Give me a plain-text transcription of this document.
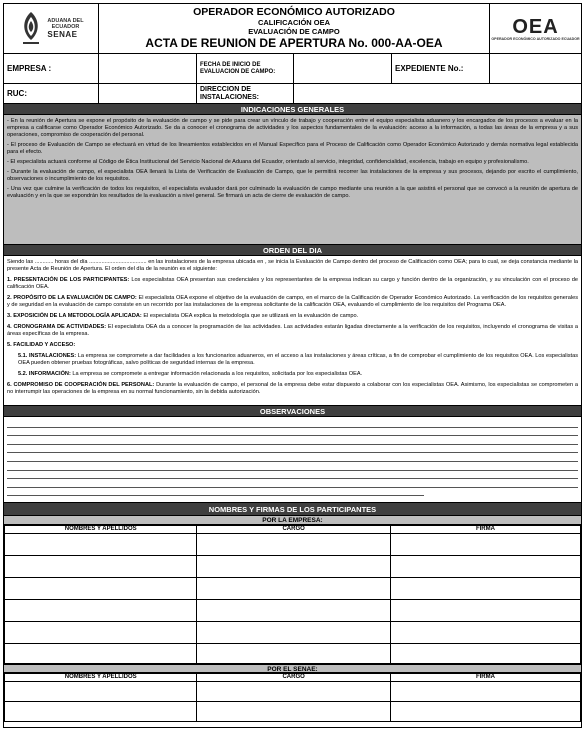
ADUANA DEL
ECUADOR
SENAE
OPERADOR ECONÓMICO AUTORIZADO
CALIFICACIÓN OEA
EVALUACIÓN DE CAMPO
ACTA DE REUNION DE APERTURA No. 000-AA-OEA
OEA
OPERADOR ECONÓMICO AUTORIZADO ECUADOR
EMPRESA :	FECHA DE INICIO DE EVALUACION DE CAMPO:	EXPEDIENTE No.:
RUC:	DIRECCION DE INSTALACIONES:
INDICACIONES GENERALES

- En la reunión de Apertura se expone el propósito de la evaluación de campo y se pide para crear un vínculo de trabajo y cooperación entre el equipo especialista aduanero y los encargados de los procesos a evaluar en la empresa a calificarse como Operador Económico Autorizado. Se da a conocer el cronograma de actividades y los aspectos fundamentales de la evaluación: acceso a la información, a todas las áreas de la empresa y a sus operaciones, compromiso de cooperación del personal.

- El proceso de Evaluación de Campo se efectuará en virtud de los lineamientos establecidos en el Manual Específico para el Proceso de Calificación como Operador Económico Autorizado y demás normativa legal establecida para el efecto.

- El especialista actuará conforme al Código de Ética Institucional del Servicio Nacional de Aduana del Ecuador, orientado al servicio, integridad, confidencialidad, excelencia, trabajo en equipo y profesionalismo.

- Durante la evaluación de campo, el especialista OEA llenará la Lista de Verificación de Evaluación de Campo, que le permitirá recorrer las instalaciones de la empresa y sus procesos, dejando por escrito el cumplimiento, observaciones o incumplimiento de los requisitos.

- Una vez que culmine la verificación de todos los requisitos, el especialista evaluador dará por culminado la evaluación de campo mediante una reunión a la que asistirá el personal que se convocó a la reunión de apertura de evaluación y en la que se expondrán los resultados de la evaluación a nivel general. Se firmará un acta de cierre de evaluación de campo.

ORDEN DEL DIA

Siendo las ............ horas del día ..................................... en las instalaciones de la empresa ubicada en , se inicia la Evaluación de Campo dentro del proceso de Calificación como OEA; para lo cual, se deja constancia mediante la presente Acta de Reunión de Apertura. El orden del día de la reunión es el siguiente:

1. PRESENTACIÓN DE LOS PARTICIPANTES: Los especialistas OEA presentan sus credenciales y los representantes de la empresa indican su cargo y función dentro de la organización, y su vinculación con el proceso de calificación OEA.

2. PROPÓSITO DE LA EVALUACIÓN DE CAMPO: El especialista OEA expone el objetivo de la evaluación de campo, en el marco de la Calificación de Operador Económico Autorizado. La verificación de los requisitos generales y de seguridad en la evaluación de campo consiste en un recorrido por las instalaciones de la empresa solicitante de la calificación OEA, evaluando el cumplimiento de los requisitos del Programa OEA.

3. EXPOSICIÓN DE LA METODOLOGÍA APLICADA: El especialista OEA explica la metodología que se utilizará en la evaluación de campo.

4. CRONOGRAMA DE ACTIVIDADES: El especialista OEA da a conocer la programación de las actividades. Las actividades estarán ligadas directamente a la verificación de los requisitos, incluyendo el cronograma de visitas a áreas específicas de la empresa.

5. FACILIDAD Y ACCESO:

5.1. INSTALACIONES: La empresa se compromete a dar facilidades a los funcionarios aduaneros, en el acceso a las instalaciones y áreas críticas, a fin de comprobar el cumplimiento de los requisitos OEA. Los especialistas OEA pueden obtener pruebas fotográficas, salvo políticas de seguridad internas de la empresa.

5.2. INFORMACIÓN: La empresa se compromete a entregar información relacionada a los requisitos, solicitada por los especialistas OEA.

6. COMPROMISO DE COOPERACIÓN DEL PERSONAL: Durante la evaluación de campo, el personal de la empresa debe estar dispuesto a colaborar con los especialistas OEA. Asimismo, los especialistas se comprometen a no interrumpir las operaciones de la empresa en su normal funcionamiento, sin la debida autorización.

OBSERVACIONES
NOMBRES Y FIRMAS DE LOS PARTICIPANTES
POR LA EMPRESA:
NOMBRES Y APELLIDOS	CARGO	FIRMA

POR EL SENAE:
NOMBRES Y APELLIDOS	CARGO	FIRMA
